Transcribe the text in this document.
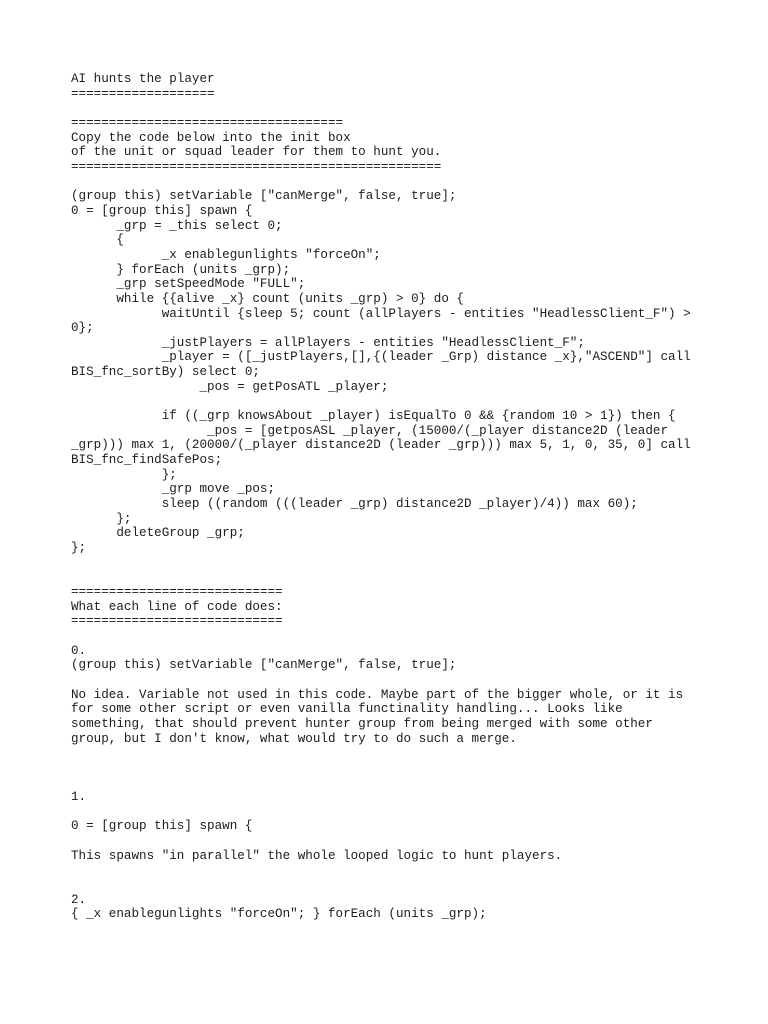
AI hunts the player
===================

====================================
Copy the code below into the init box
of the unit or squad leader for them to hunt you.
=================================================

(group this) setVariable ["canMerge", false, true];
0 = [group this] spawn {
_grp = _this select 0;
{
_x enablegunlights "forceOn";
} forEach (units _grp);
_grp setSpeedMode "FULL";
while {{alive _x} count (units _grp) > 0} do {
waitUntil {sleep 5; count (allPlayers - entities "HeadlessClient_F") >
0};
_justPlayers = allPlayers - entities "HeadlessClient_F";
_player = ([_justPlayers,[],{(leader _Grp) distance _x},"ASCEND"] call
BIS_fnc_sortBy) select 0;
_pos = getPosATL _player;

if ((_grp knowsAbout _player) isEqualTo 0 && {random 10 > 1}) then {
_pos = [getposASL _player, (15000/(_player distance2D (leader
_grp))) max 1, (20000/(_player distance2D (leader _grp))) max 5, 1, 0, 35, 0] call
BIS_fnc_findSafePos;
};
_grp move _pos;
sleep ((random (((leader _grp) distance2D _player)/4)) max 60);
};
deleteGroup _grp;
};

============================
What each line of code does:
============================

0.
(group this) setVariable ["canMerge", false, true];

No idea. Variable not used in this code. Maybe part of the bigger whole, or it is
for some other script or even vanilla functinality handling... Looks like
something, that should prevent hunter group from being merged with some other
group, but I don't know, what would try to do such a merge.

1.

0 = [group this] spawn {

This spawns "in parallel" the whole looped logic to hunt players.

2.
{ _x enablegunlights "forceOn"; } forEach (units _grp);
